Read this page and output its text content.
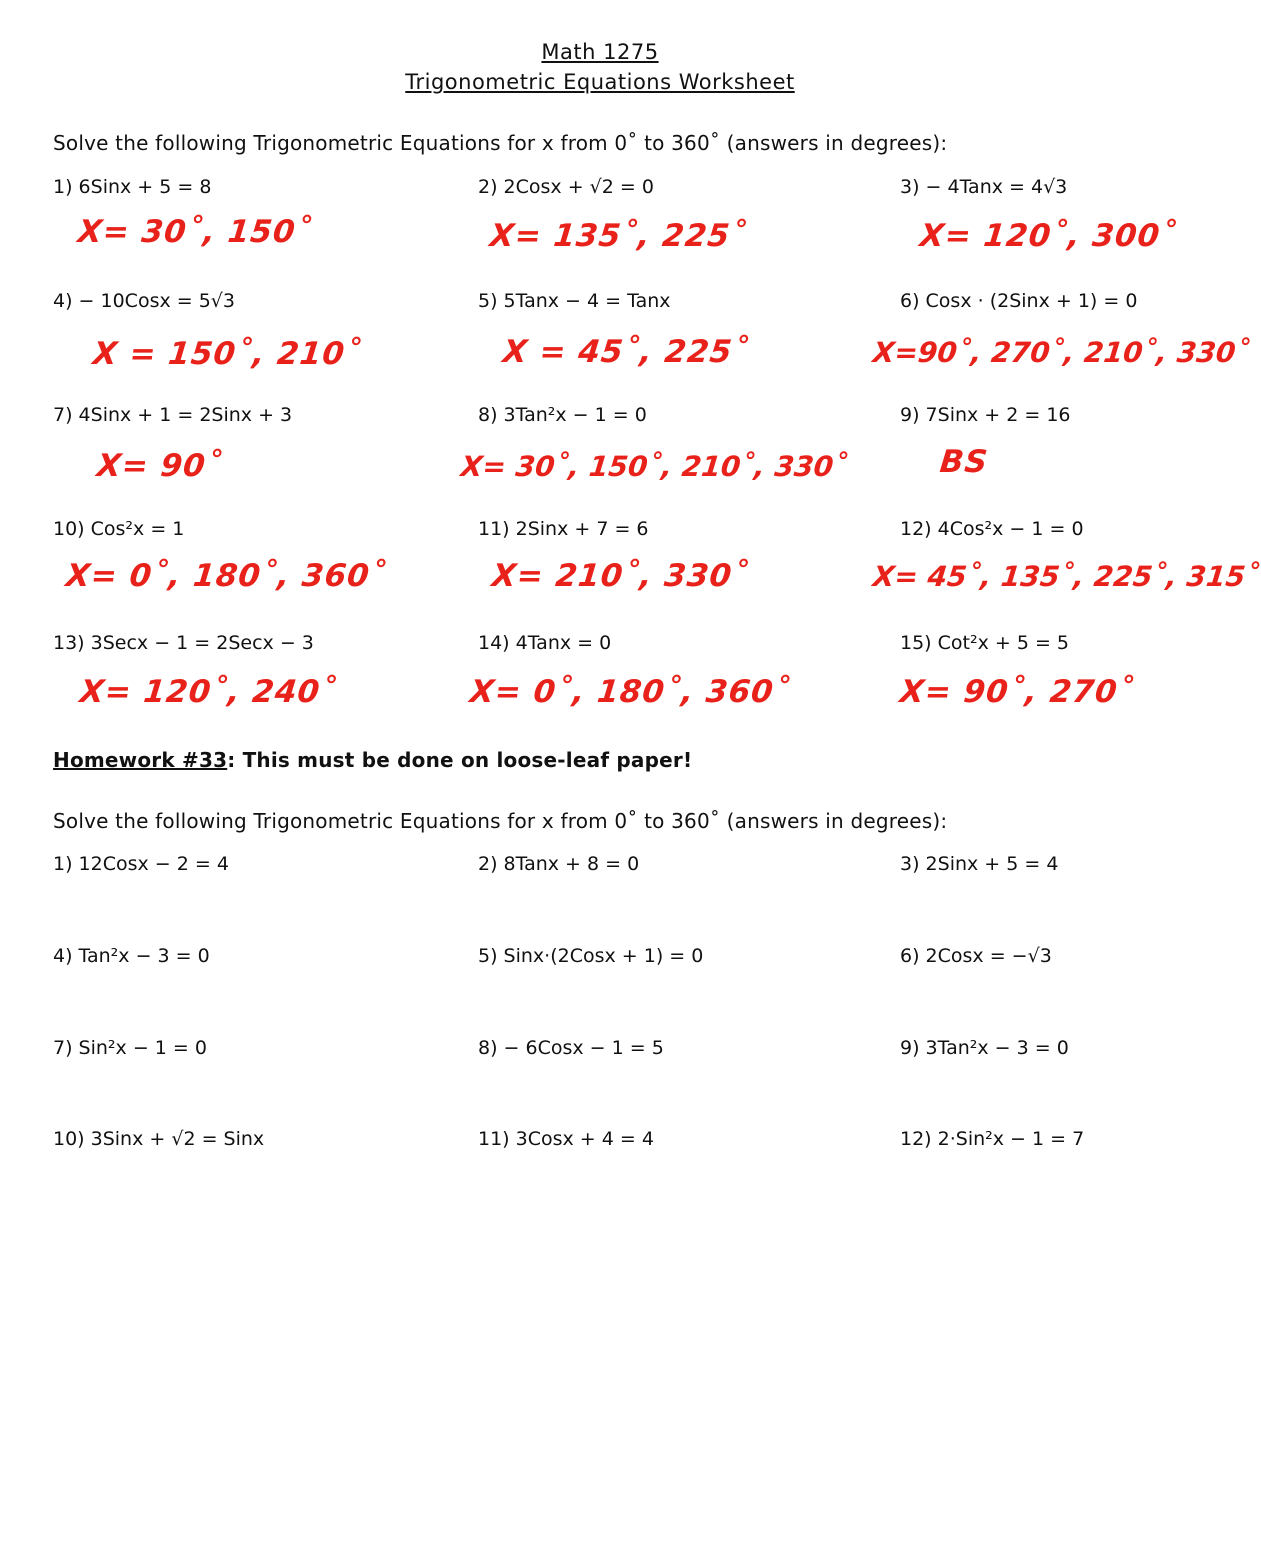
Math 1275
Trigonometric Equations Worksheet
Solve the following Trigonometric Equations for x from 0˚ to 360˚ (answers in degrees):
1) 6Sinx + 5 = 8	2) 2Cosx + √2 = 0	3) − 4Tanx = 4√3
X= 30˚, 150˚	X= 135˚, 225˚	X= 120˚, 300˚
4) − 10Cosx = 5√3	5) 5Tanx − 4 = Tanx	6) Cosx · (2Sinx + 1) = 0
X = 150˚, 210˚	X = 45˚, 225˚	X=90˚, 270˚, 210˚, 330˚
7) 4Sinx + 1 = 2Sinx + 3	8) 3Tan²x − 1 = 0	9) 7Sinx + 2 = 16
X= 90˚	X= 30˚, 150˚, 210˚, 330˚	BS
10) Cos²x = 1	11) 2Sinx + 7 = 6	12) 4Cos²x − 1 = 0
X= 0˚, 180˚, 360˚	X= 210˚, 330˚	X= 45˚, 135˚, 225˚, 315˚
13) 3Secx − 1 = 2Secx − 3	14) 4Tanx = 0	15) Cot²x + 5 = 5
X= 120˚, 240˚	X= 0˚, 180˚, 360˚	X= 90˚, 270˚
Homework #33: This must be done on loose-leaf paper!
Solve the following Trigonometric Equations for x from 0˚ to 360˚ (answers in degrees):
1) 12Cosx − 2 = 4	2) 8Tanx + 8 = 0	3) 2Sinx + 5 = 4
4) Tan²x − 3 = 0	5) Sinx·(2Cosx + 1) = 0	6) 2Cosx = −√3
7) Sin²x − 1 = 0	8) − 6Cosx − 1 = 5	9) 3Tan²x − 3 = 0
10) 3Sinx + √2 = Sinx	11) 3Cosx + 4 = 4	12) 2·Sin²x − 1 = 7
